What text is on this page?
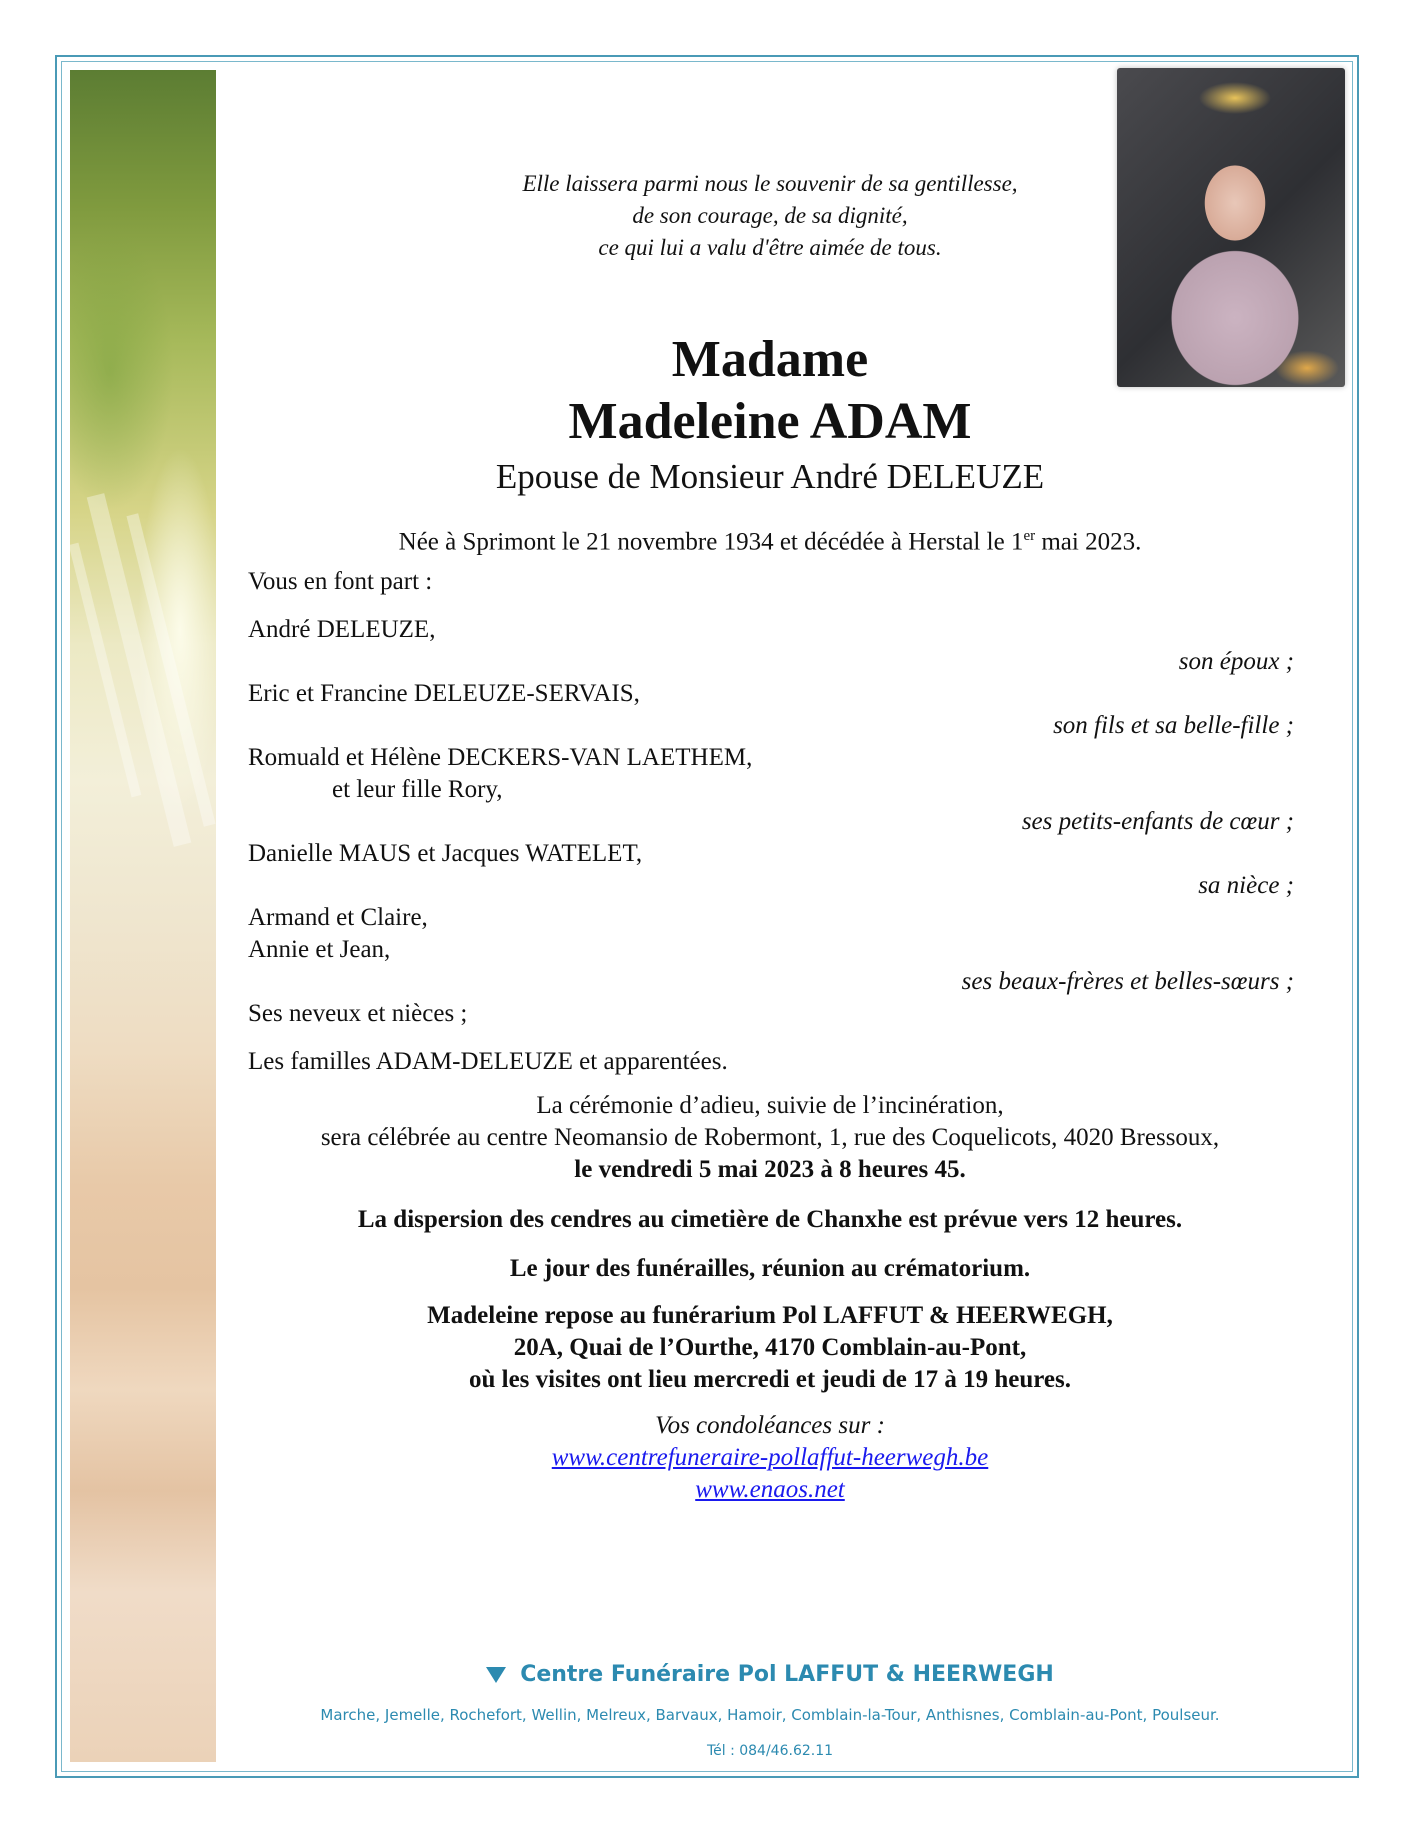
Elle laissera parmi nous le souvenir de sa gentillesse,
de son courage, de sa dignité,
ce qui lui a valu d'être aimée de tous.
Madame
Madeleine ADAM
Epouse de Monsieur André DELEUZE
Née à Sprimont le 21 novembre 1934 et décédée à Herstal le 1er mai 2023.
Vous en font part :
André DELEUZE,
son époux ;
Eric et Francine DELEUZE-SERVAIS,
son fils et sa belle-fille ;
Romuald et Hélène DECKERS-VAN LAETHEM,
et leur fille Rory,
ses petits-enfants de cœur ;
Danielle MAUS et Jacques WATELET,
sa nièce ;
Armand et Claire,
Annie et Jean,
ses beaux-frères et belles-sœurs ;
Ses neveux et nièces ;
Les familles ADAM-DELEUZE et apparentées.
La cérémonie d’adieu, suivie de l’incinération,
sera célébrée au centre Neomansio de Robermont, 1, rue des Coquelicots, 4020 Bressoux,
le vendredi 5 mai 2023 à 8 heures 45.
La dispersion des cendres au cimetière de Chanxhe est prévue vers 12 heures.
Le jour des funérailles, réunion au crématorium.
Madeleine repose au funérarium Pol LAFFUT & HEERWEGH,
20A, Quai de l’Ourthe, 4170 Comblain-au-Pont,
où les visites ont lieu mercredi et jeudi de 17 à 19 heures.
Vos condoléances sur :
www.centrefuneraire-pollaffut-heerwegh.be
www.enaos.net
Centre Funéraire Pol LAFFUT & HEERWEGH
Marche, Jemelle, Rochefort, Wellin, Melreux, Barvaux, Hamoir, Comblain-la-Tour, Anthisnes, Comblain-au-Pont, Poulseur.
Tél : 084/46.62.11
